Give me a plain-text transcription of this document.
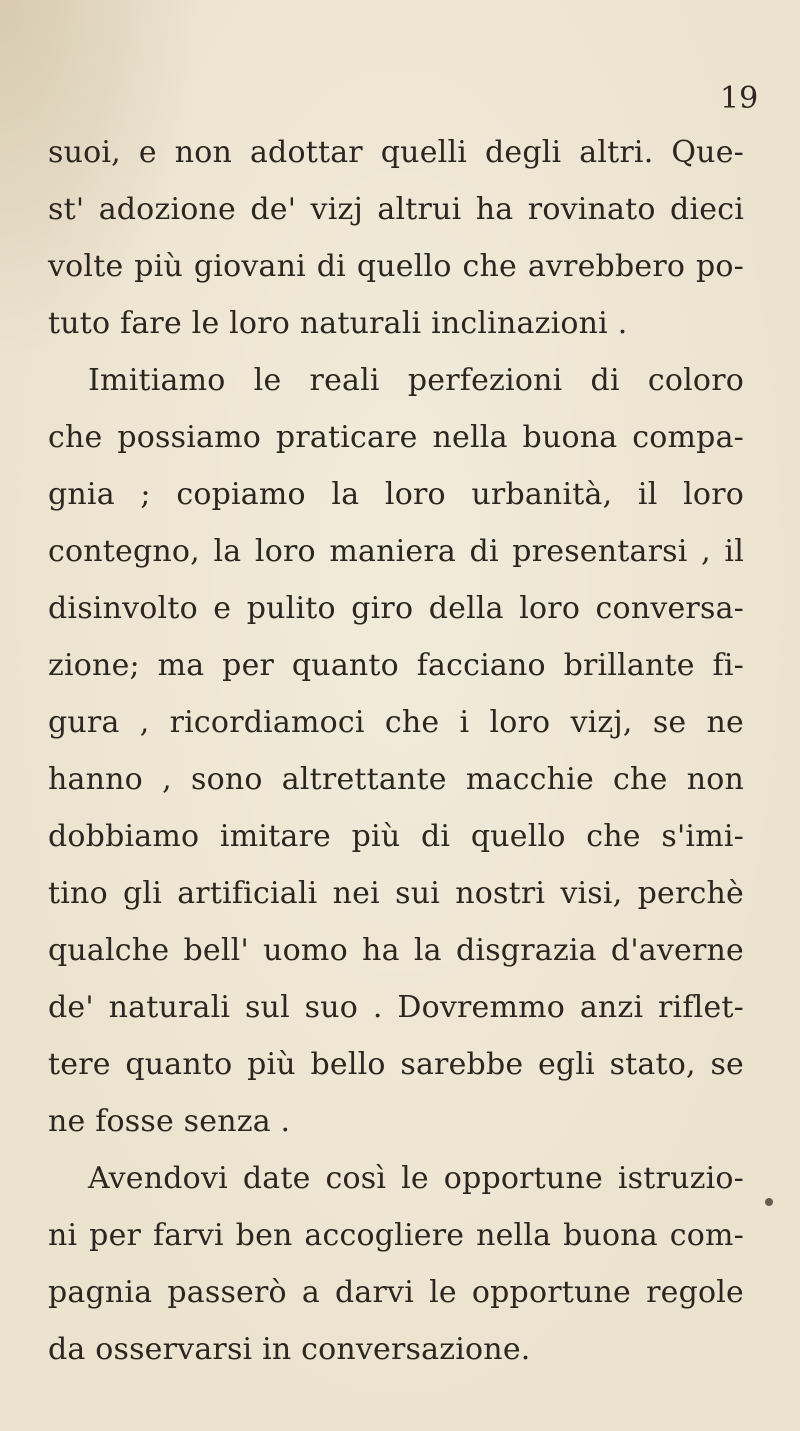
19
suoi, e non adottar quelli degli altri. Que-
st' adozione de' vizj altrui ha rovinato dieci
volte più giovani di quello che avrebbero po-
tuto fare le loro naturali inclinazioni .
Imitiamo le reali perfezioni di coloro
che possiamo praticare nella buona compa-
gnia ; copiamo la loro urbanità, il loro
contegno, la loro maniera di presentarsi , il
disinvolto e pulito giro della loro conversa-
zione; ma per quanto facciano brillante fi-
gura , ricordiamoci che i loro vizj, se ne
hanno , sono altrettante macchie che non
dobbiamo imitare più di quello che s'imi-
tino gli artificiali nei sui nostri visi, perchè
qualche bell' uomo ha la disgrazia d'averne
de' naturali sul suo . Dovremmo anzi riflet-
tere quanto più bello sarebbe egli stato, se
ne fosse senza .
Avendovi date così le opportune istruzio-
ni per farvi ben accogliere nella buona com-
pagnia passerò a darvi le opportune regole
da osservarsi in conversazione.
